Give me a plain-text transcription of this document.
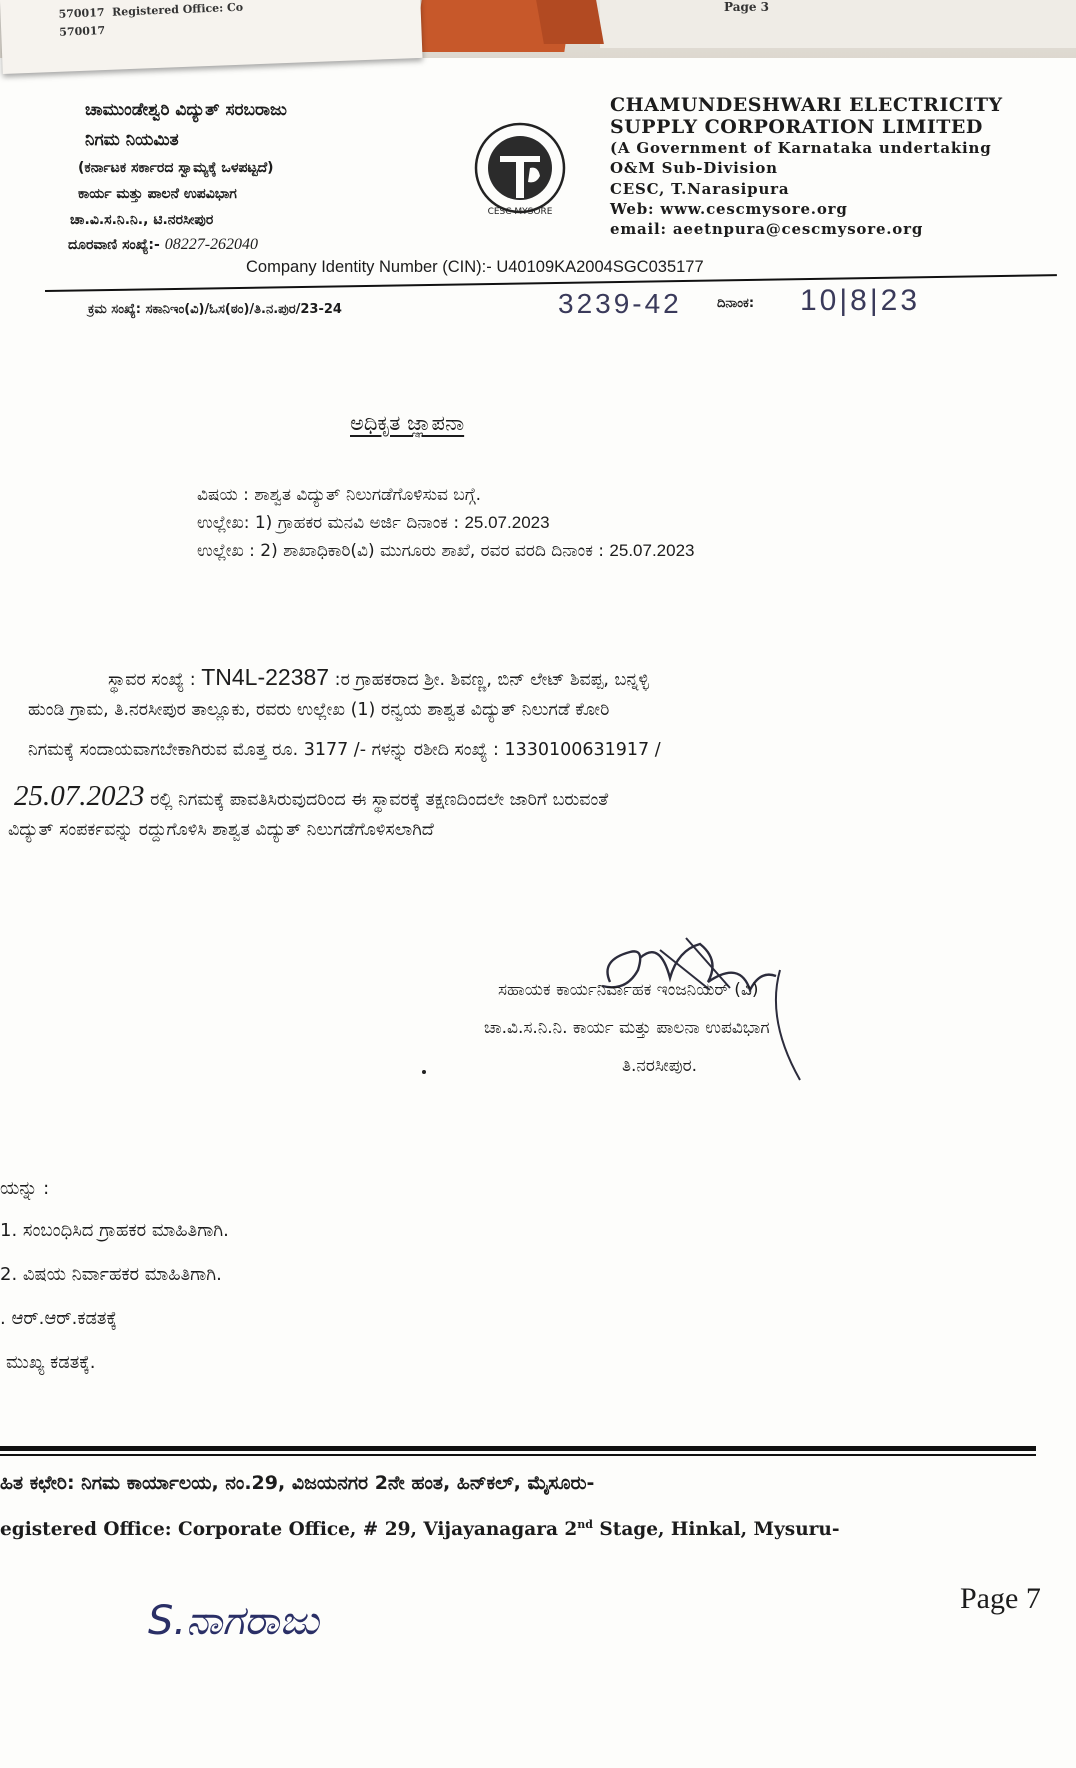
570017 Registered Office: Co
570017
Page 3
ಚಾಮುಂಡೇಶ್ವರಿ ವಿದ್ಯುತ್ ಸರಬರಾಜು
ನಿಗಮ ನಿಯಮಿತ
(ಕರ್ನಾಟಕ ಸರ್ಕಾರದ ಸ್ವಾಮ್ಯಕ್ಕೆ ಒಳಪಟ್ಟದೆ)
ಕಾರ್ಯ ಮತ್ತು ಪಾಲನೆ ಉಪವಿಭಾಗ
ಚಾ.ವಿ.ಸ.ನಿ.ನಿ., ಟಿ.ನರಸೀಪುರ
ದೂರವಾಣಿ ಸಂಖ್ಯೆ:- 08227-262040
CESC MYSORE
CHAMUNDESHWARI ELECTRICITY
SUPPLY CORPORATION LIMITED
(A Government of Karnataka undertaking
O&M Sub-Division
CESC, T.Narasipura
Web: www.cescmysore.org
email: aeetnpura@cescmysore.org
Company Identity Number (CIN):- U40109KA2004SGC035177
ಕ್ರಮ ಸಂಖ್ಯೆ: ಸಕಾನಿಇಂ(ವಿ)/ಓಸ(ಠಂ)/ತಿ.ನ.ಪುರ/23-24	3239-42	ದಿನಾಂಕ: 10|8|23
ಅಧಿಕೃತ ಜ್ಞಾಪನಾ
ವಿಷಯ : ಶಾಶ್ವತ ವಿದ್ಯುತ್ ನಿಲುಗಡೆಗೊಳಿಸುವ ಬಗ್ಗೆ.
ಉಲ್ಲೇಖ: 1) ಗ್ರಾಹಕರ ಮನವಿ ಅರ್ಜಿ ದಿನಾಂಕ : 25.07.2023
ಉಲ್ಲೇಖ : 2) ಶಾಖಾಧಿಕಾರಿ(ವಿ) ಮುಗೂರು ಶಾಖೆ, ರವರ ವರದಿ ದಿನಾಂಕ : 25.07.2023
ಸ್ಥಾವರ ಸಂಖ್ಯೆ : TN4L-22387 :ರ ಗ್ರಾಹಕರಾದ ಶ್ರೀ. ಶಿವಣ್ಣ, ಬಿನ್ ಲೇಟ್ ಶಿವಪ್ಪ, ಬನ್ನಳ್ಳಿ
ಹುಂಡಿ ಗ್ರಾಮ, ತಿ.ನರಸೀಪುರ ತಾಲ್ಲೂಕು, ರವರು ಉಲ್ಲೇಖ (1) ರನ್ವಯ ಶಾಶ್ವತ ವಿದ್ಯುತ್ ನಿಲುಗಡೆ ಕೋರಿ
ನಿಗಮಕ್ಕೆ ಸಂದಾಯವಾಗಬೇಕಾಗಿರುವ ಮೊತ್ತ ರೂ. 3177 /- ಗಳನ್ನು ರಶೀದಿ ಸಂಖ್ಯೆ : 1330100631917 /
25.07.2023 ರಲ್ಲಿ ನಿಗಮಕ್ಕೆ ಪಾವತಿಸಿರುವುದರಿಂದ ಈ ಸ್ಥಾವರಕ್ಕೆ ತಕ್ಷಣದಿಂದಲೇ ಜಾರಿಗೆ ಬರುವಂತೆ
ವಿದ್ಯುತ್ ಸಂಪರ್ಕವನ್ನು ರದ್ದುಗೊಳಿಸಿ ಶಾಶ್ವತ ವಿದ್ಯುತ್ ನಿಲುಗಡೆಗೊಳಿಸಲಾಗಿದೆ
ಸಹಾಯಕ ಕಾರ್ಯನಿರ್ವಾಹಕ ಇಂಜನಿಯರ್ (ವಿ)
ಚಾ.ವಿ.ಸ.ನಿ.ನಿ. ಕಾರ್ಯ ಮತ್ತು ಪಾಲನಾ ಉಪವಿಭಾಗ
ತಿ.ನರಸೀಪುರ.
ಯನ್ನು :
1. ಸಂಬಂಧಿಸಿದ ಗ್ರಾಹಕರ ಮಾಹಿತಿಗಾಗಿ.
2. ವಿಷಯ ನಿರ್ವಾಹಕರ ಮಾಹಿತಿಗಾಗಿ.
. ಆರ್.ಆರ್.ಕಡತಕ್ಕೆ
ಮುಖ್ಯ ಕಡತಕ್ಕೆ.
ಹಿತ ಕಛೇರಿ: ನಿಗಮ ಕಾರ್ಯಾಲಯ, ನಂ.29, ವಿಜಯನಗರ 2ನೇ ಹಂತ, ಹಿನ್‌ಕಲ್, ಮೈಸೂರು-
egistered Office: Corporate Office, # 29, Vijayanagara 2nd Stage, Hinkal, Mysuru-
Page 7
S.ನಾಗರಾಜು
